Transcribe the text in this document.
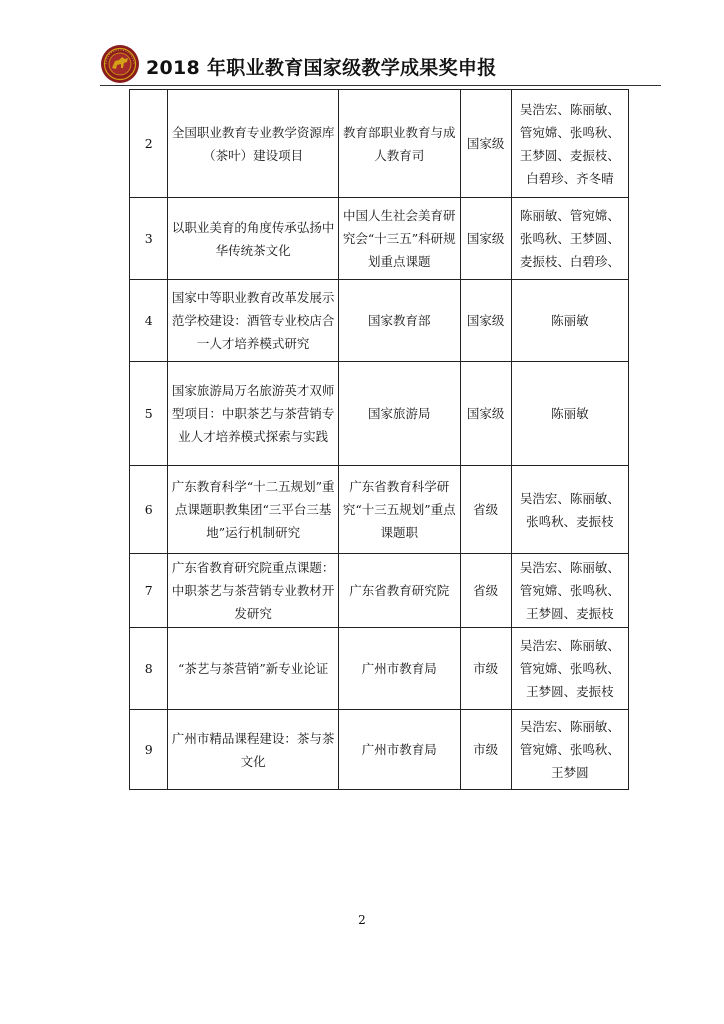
2018 年职业教育国家级教学成果奖申报
2	全国职业教育专业教学资源库（茶叶）建设项目	教育部职业教育与成人教育司	国家级	吴浩宏、陈丽敏、
管宛嫦、张鸣秋、
王梦圆、麦振枝、
白碧珍、齐冬晴

3	以职业美育的角度传承弘扬中华传统茶文化	中国人生社会美育研究会“十三五”科研规划重点课题	国家级	陈丽敏、管宛嫦、
张鸣秋、王梦圆、
麦振枝、白碧珍、

4	国家中等职业教育改革发展示范学校建设：酒管专业校店合一人才培养模式研究	国家教育部	国家级	陈丽敏

5	国家旅游局万名旅游英才双师型项目：中职茶艺与茶营销专业人才培养模式探索与实践	国家旅游局	国家级	陈丽敏

6	广东教育科学“十二五规划”重点课题职教集团“三平台三基地”运行机制研究	广东省教育科学研究“十三五规划”重点课题职	省级	吴浩宏、陈丽敏、
张鸣秋、麦振枝

7	广东省教育研究院重点课题：中职茶艺与茶营销专业教材开发研究	广东省教育研究院	省级	吴浩宏、陈丽敏、
管宛嫦、张鸣秋、
王梦圆、麦振枝

8	“茶艺与茶营销”新专业论证	广州市教育局	市级	吴浩宏、陈丽敏、
管宛嫦、张鸣秋、
王梦圆、麦振枝

9	广州市精品课程建设：茶与茶文化	广州市教育局	市级	吴浩宏、陈丽敏、
管宛嫦、张鸣秋、
王梦圆
2
